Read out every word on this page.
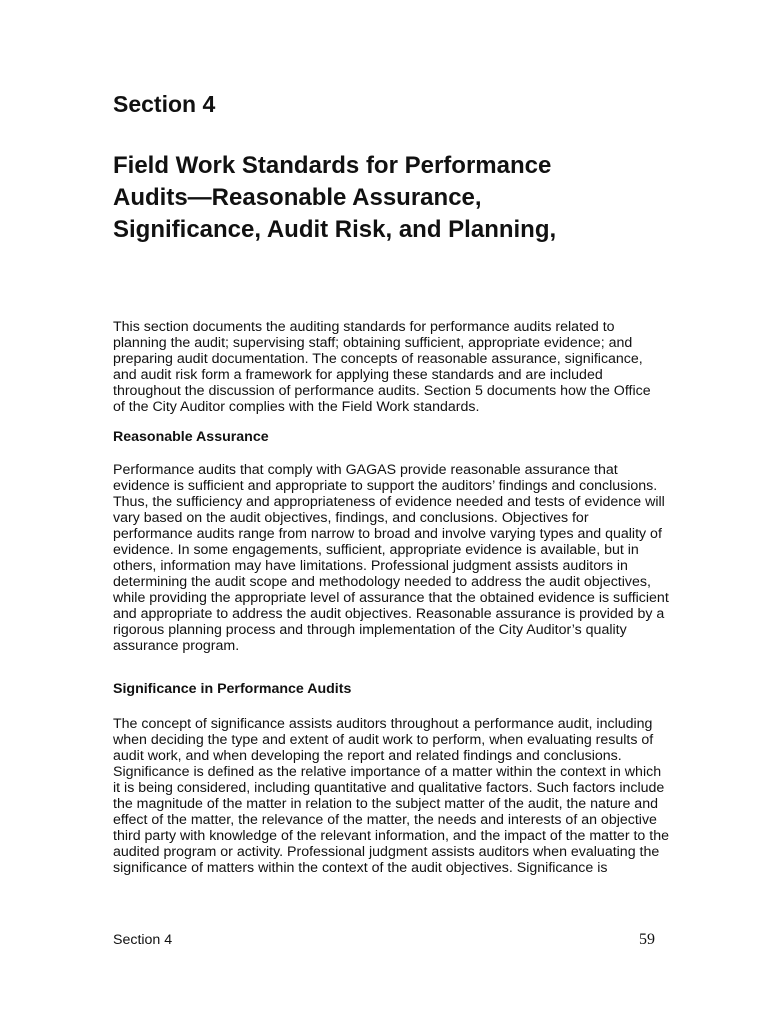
Section 4
Field Work Standards for Performance
Audits—Reasonable Assurance,
Significance, Audit Risk, and Planning,
This section documents the auditing standards for performance audits related to
planning the audit; supervising staff; obtaining sufficient, appropriate evidence; and
preparing audit documentation. The concepts of reasonable assurance, significance,
and audit risk form a framework for applying these standards and are included
throughout the discussion of performance audits. Section 5 documents how the Office
of the City Auditor complies with the Field Work standards.
Reasonable Assurance
Performance audits that comply with GAGAS provide reasonable assurance that
evidence is sufficient and appropriate to support the auditors’ findings and conclusions.
Thus, the sufficiency and appropriateness of evidence needed and tests of evidence will
vary based on the audit objectives, findings, and conclusions. Objectives for
performance audits range from narrow to broad and involve varying types and quality of
evidence. In some engagements, sufficient, appropriate evidence is available, but in
others, information may have limitations. Professional judgment assists auditors in
determining the audit scope and methodology needed to address the audit objectives,
while providing the appropriate level of assurance that the obtained evidence is sufficient
and appropriate to address the audit objectives. Reasonable assurance is provided by a
rigorous planning process and through implementation of the City Auditor’s quality
assurance program.
Significance in Performance Audits
The concept of significance assists auditors throughout a performance audit, including
when deciding the type and extent of audit work to perform, when evaluating results of
audit work, and when developing the report and related findings and conclusions.
Significance is defined as the relative importance of a matter within the context in which
it is being considered, including quantitative and qualitative factors. Such factors include
the magnitude of the matter in relation to the subject matter of the audit, the nature and
effect of the matter, the relevance of the matter, the needs and interests of an objective
third party with knowledge of the relevant information, and the impact of the matter to the
audited program or activity. Professional judgment assists auditors when evaluating the
significance of matters within the context of the audit objectives. Significance is
Section 4	59
